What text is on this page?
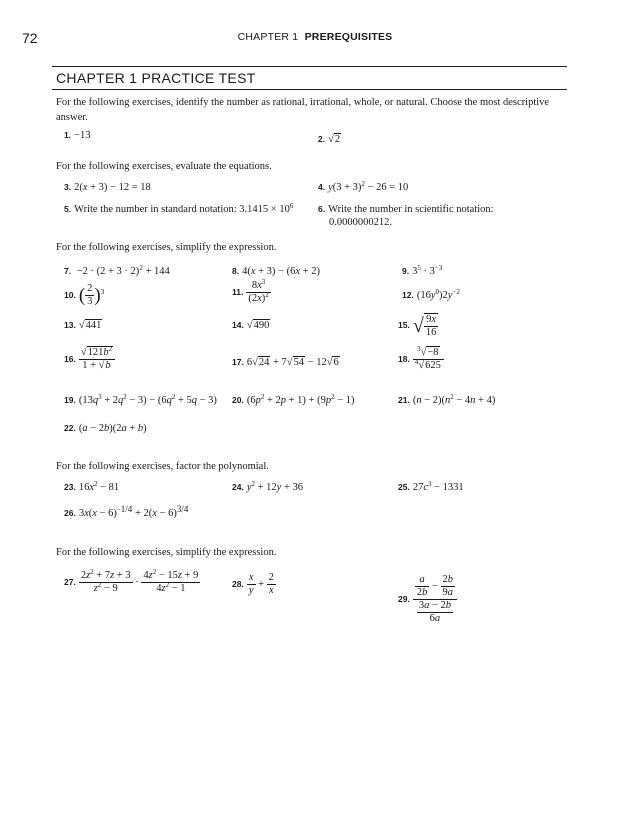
72	CHAPTER 1 PREREQUISITES
CHAPTER 1 PRACTICE TEST
For the following exercises, identify the number as rational, irrational, whole, or natural. Choose the most descriptive answer.
1. −13	2. √2
For the following exercises, evaluate the equations.
3. 2(x + 3) − 12 = 18	4. $y(3 + 3)^2 - 26 = 10$
5. Write the number in standard notation: $3.1415 \times 10^6$	6. Write the number in scientific notation:
0.0000000212.
For the following exercises, simplify the expression.
7. $-2 \cdot (2 + 3 \cdot 2)^2 + 144$	8. 4(x + 3) − (6x + 2)	9. $3^5 \cdot 3^{-3}$
10. ( $\frac{2}{3} )^3$	11. $\frac{8x^3}{(2x)^2}$	12. $(16y^0)2y^{-2}$
13. √441	14. √490	15. √ $\frac{9x}{16}$
16. $\frac{√121b^2}{1 + √b}$	17. 6√24 + 7√54 − 12√6	18. $\frac{^3√-8}{^4√625}$
19. $(13q^3 + 2q^2 - 3) - (6q^2 + 5q - 3)$ 20. $(6p^2 + 2p + 1) + (9p^2 - 1)$	21. $(n - 2)(n^2 - 4n + 4)$
22. (a − 2b)(2a + b)
For the following exercises, factor the polynomial.
23. $16x^2 - 81$	24. $y^2 + 12y + 36$	25. $27c^3 - 1331$
26. $3x(x - 6)^{-1/4} + 2(x - 6)^{3/4}$
For the following exercises, simplify the expression.
27. $\frac{2z^2 + 7z + 3}{z^2 - 9} \cdot \frac{4z^2 - 15z + 9}{4z^2 - 1}$	28. $\frac{x}{y} + \frac{2}{x}$
29. $\frac{\frac{a}{2b} - \frac{2b}{9a}}{\frac{3a - 2b}{6a}}$
